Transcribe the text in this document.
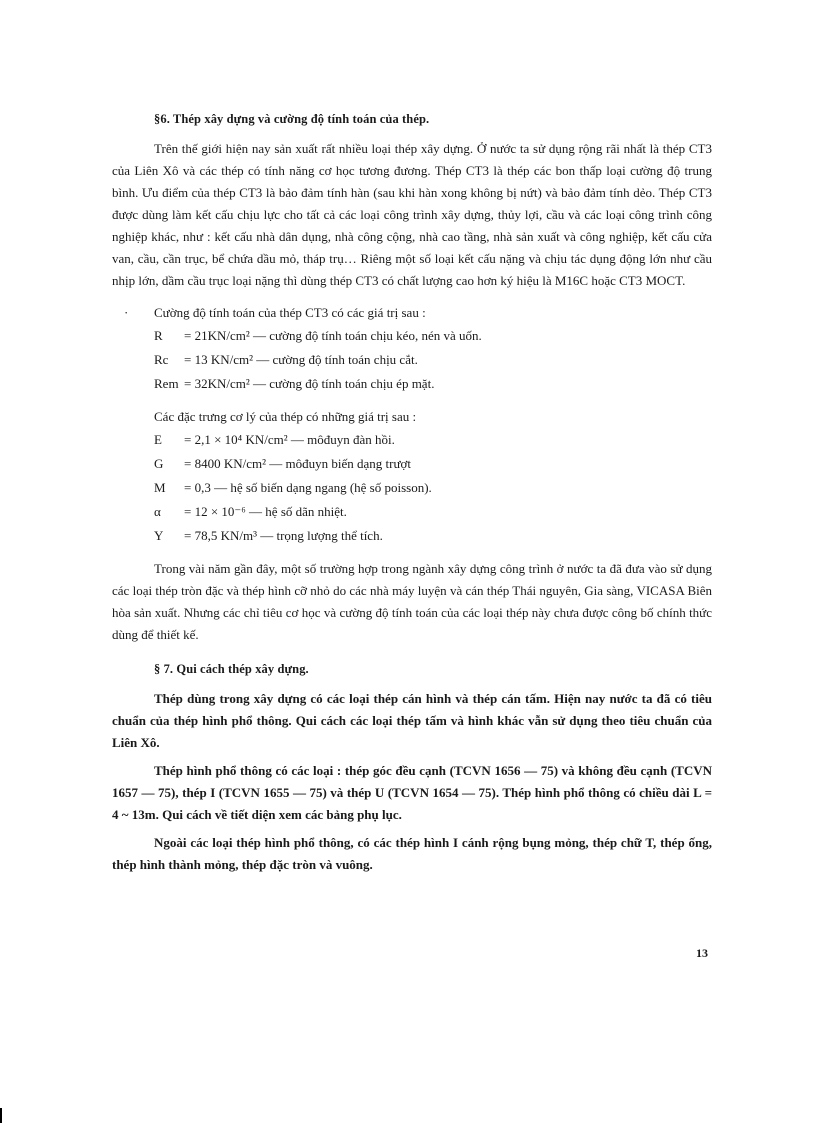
§6. Thép xây dựng và cường độ tính toán của thép.

Trên thế giới hiện nay sản xuất rất nhiều loại thép xây dựng. Ở nước ta sử dụng rộng rãi nhất là thép CT3 của Liên Xô và các thép có tính năng cơ học tương đương. Thép CT3 là thép các bon thấp loại cường độ trung bình. Ưu điểm của thép CT3 là bảo đảm tính hàn (sau khi hàn xong không bị nứt) và bảo đảm tính dẻo. Thép CT3 được dùng làm kết cấu chịu lực cho tất cả các loại công trình xây dựng, thủy lợi, cầu và các loại công trình công nghiệp khác, như : kết cấu nhà dân dụng, nhà công cộng, nhà cao tầng, nhà sản xuất và công nghiệp, kết cấu cửa van, cầu, cần trục, bể chứa dầu mỏ, tháp trụ… Riêng một số loại kết cấu nặng và chịu tác dụng động lớn như cầu nhịp lớn, dầm cầu trục loại nặng thì dùng thép CT3 có chất lượng cao hơn ký hiệu là M16C hoặc CT3 MOCT.

· Cường độ tính toán của thép CT3 có các giá trị sau :
R = 21KN/cm² — cường độ tính toán chịu kéo, nén và uốn.
Rc = 13 KN/cm² — cường độ tính toán chịu cắt.
Rem = 32KN/cm² — cường độ tính toán chịu ép mặt.
Các đặc trưng cơ lý của thép có những giá trị sau :
E = 2,1 × 10⁴ KN/cm² — môđuyn đàn hồi.
G = 8400 KN/cm² — môđuyn biến dạng trượt
M = 0,3 — hệ số biến dạng ngang (hệ số poisson).
α = 12 × 10⁻⁶ — hệ số dãn nhiệt.
Y = 78,5 KN/m³ — trọng lượng thể tích.

Trong vài năm gần đây, một số trường hợp trong ngành xây dựng công trình ở nước ta đã đưa vào sử dụng các loại thép tròn đặc và thép hình cỡ nhỏ do các nhà máy luyện và cán thép Thái nguyên, Gia sàng, VICASA Biên hòa sản xuất. Nhưng các chỉ tiêu cơ học và cường độ tính toán của các loại thép này chưa được công bố chính thức dùng để thiết kế.

§ 7. Qui cách thép xây dựng.

Thép dùng trong xây dựng có các loại thép cán hình và thép cán tấm. Hiện nay nước ta đã có tiêu chuẩn của thép hình phổ thông. Qui cách các loại thép tấm và hình khác vẫn sử dụng theo tiêu chuẩn của Liên Xô.

Thép hình phổ thông có các loại : thép góc đều cạnh (TCVN 1656 — 75) và không đều cạnh (TCVN 1657 — 75), thép I (TCVN 1655 — 75) và thép U (TCVN 1654 — 75). Thép hình phổ thông có chiều dài L = 4 ~ 13m. Qui cách về tiết diện xem các bảng phụ lục.

Ngoài các loại thép hình phổ thông, có các thép hình I cánh rộng bụng mỏng, thép chữ T, thép ống, thép hình thành mỏng, thép đặc tròn và vuông.

13
